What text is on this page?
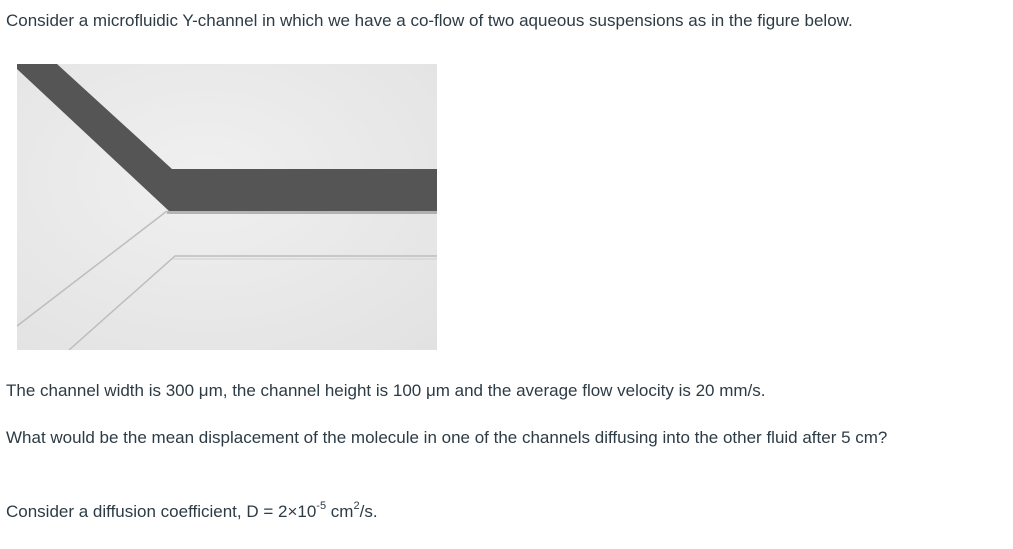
Consider a microfluidic Y-channel in which we have a co-flow of two aqueous suspensions as in the figure below.

The channel width is 300 μm, the channel height is 100 μm and the average flow velocity is 20 mm/s.

What would be the mean displacement of the molecule in one of the channels diffusing into the other fluid after 5 cm?

Consider a diffusion coefficient, $D = 2\times 10^{-5}$ $cm^2/s$.
